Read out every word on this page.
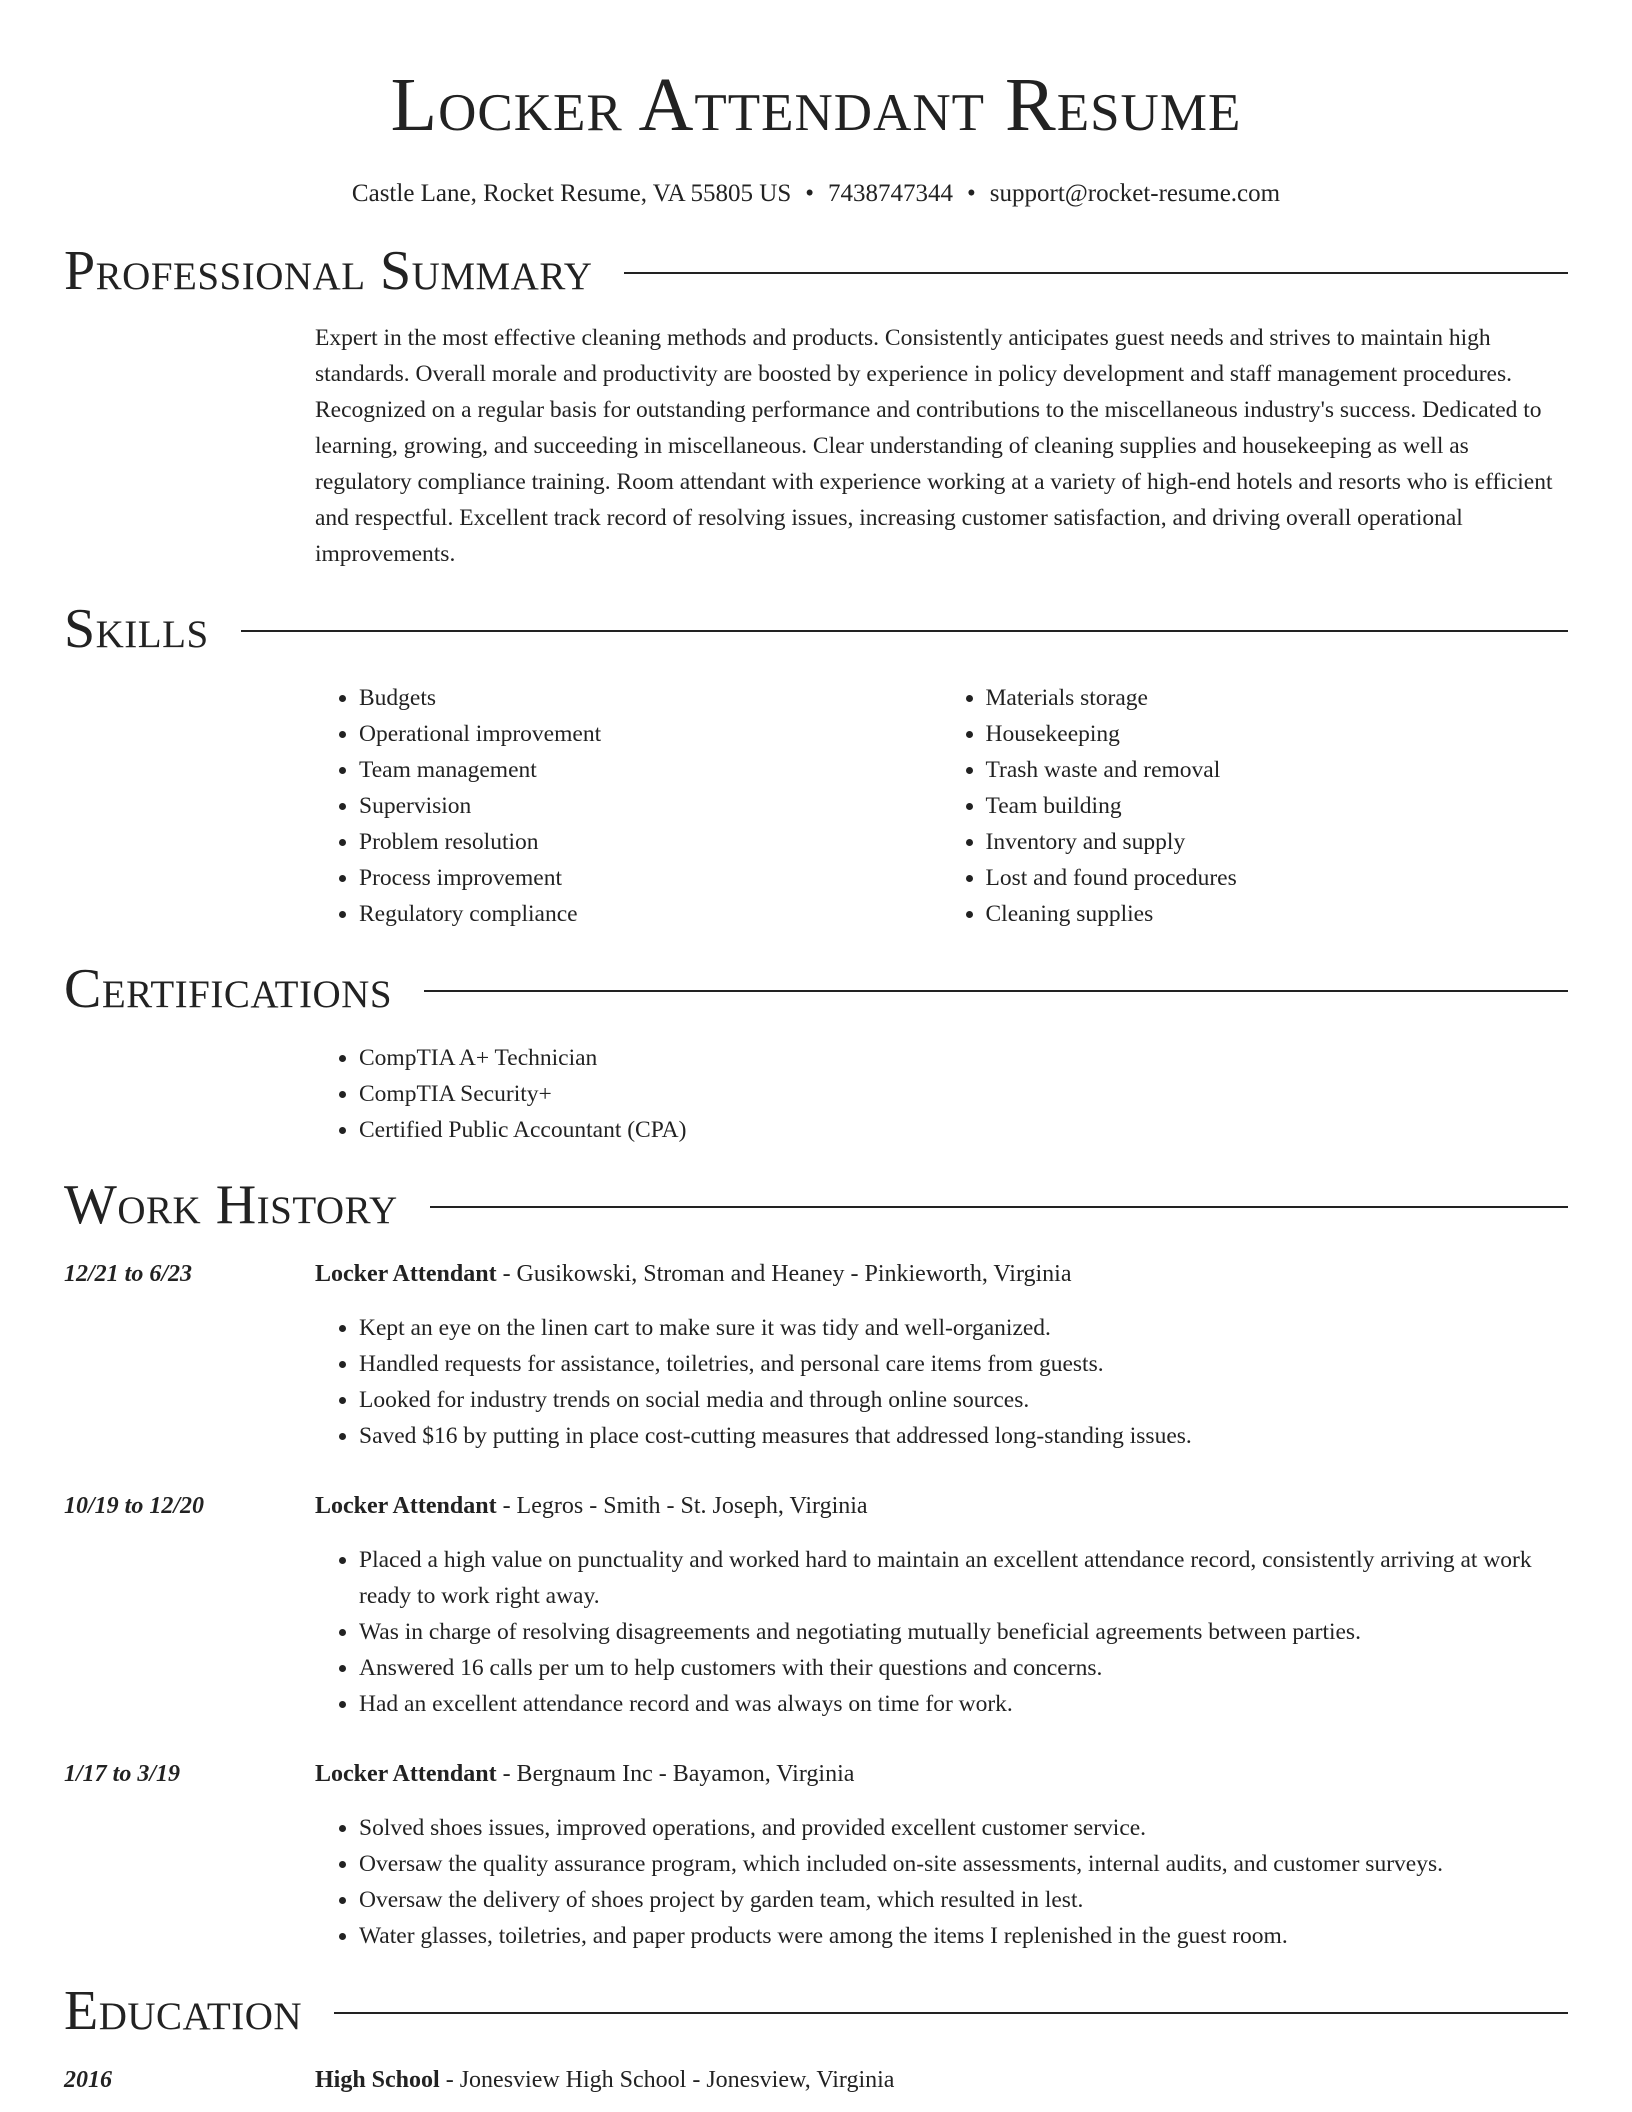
Locker Attendant Resume
Castle Lane, Rocket Resume, VA 55805 US • 7438747344 • support@rocket-resume.com
Professional Summary
Expert in the most effective cleaning methods and products. Consistently anticipates guest needs and strives to maintain high standards. Overall morale and productivity are boosted by experience in policy development and staff management procedures. Recognized on a regular basis for outstanding performance and contributions to the miscellaneous industry's success. Dedicated to learning, growing, and succeeding in miscellaneous. Clear understanding of cleaning supplies and housekeeping as well as regulatory compliance training. Room attendant with experience working at a variety of high-end hotels and resorts who is efficient and respectful. Excellent track record of resolving issues, increasing customer satisfaction, and driving overall operational improvements.
Skills
• Budgets
• Operational improvement
• Team management
• Supervision
• Problem resolution
• Process improvement
• Regulatory compliance
• Materials storage
• Housekeeping
• Trash waste and removal
• Team building
• Inventory and supply
• Lost and found procedures
• Cleaning supplies
Certifications
• CompTIA A+ Technician
• CompTIA Security+
• Certified Public Accountant (CPA)
Work History
12/21 to 6/23	Locker Attendant - Gusikowski, Stroman and Heaney - Pinkieworth, Virginia
• Kept an eye on the linen cart to make sure it was tidy and well-organized.
• Handled requests for assistance, toiletries, and personal care items from guests.
• Looked for industry trends on social media and through online sources.
• Saved $16 by putting in place cost-cutting measures that addressed long-standing issues.
10/19 to 12/20	Locker Attendant - Legros - Smith - St. Joseph, Virginia
• Placed a high value on punctuality and worked hard to maintain an excellent attendance record, consistently arriving at work ready to work right away.
• Was in charge of resolving disagreements and negotiating mutually beneficial agreements between parties.
• Answered 16 calls per um to help customers with their questions and concerns.
• Had an excellent attendance record and was always on time for work.
1/17 to 3/19	Locker Attendant - Bergnaum Inc - Bayamon, Virginia
• Solved shoes issues, improved operations, and provided excellent customer service.
• Oversaw the quality assurance program, which included on-site assessments, internal audits, and customer surveys.
• Oversaw the delivery of shoes project by garden team, which resulted in lest.
• Water glasses, toiletries, and paper products were among the items I replenished in the guest room.
Education
2016	High School - Jonesview High School - Jonesview, Virginia
